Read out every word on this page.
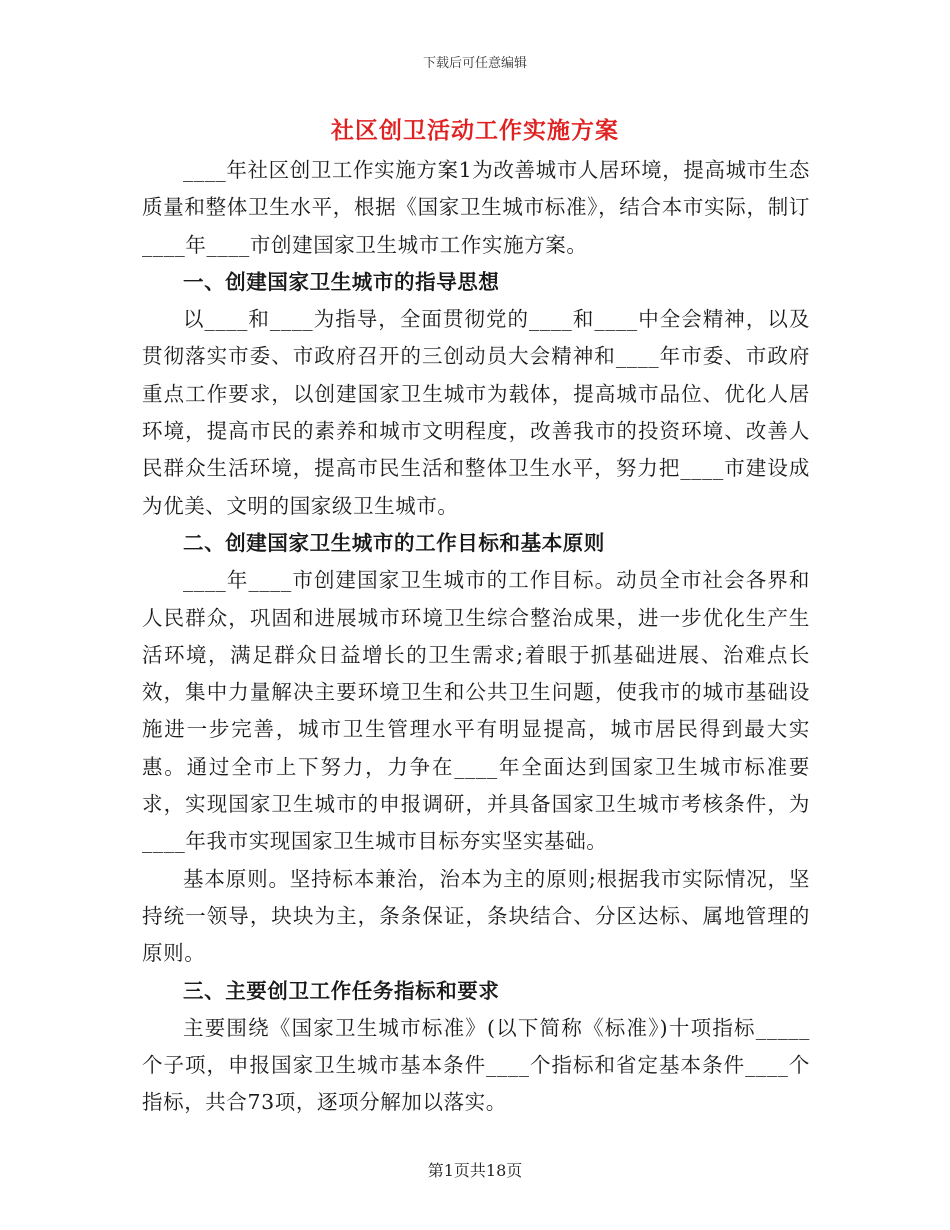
下载后可任意编辑
社区创卫活动工作实施方案

____年社区创卫工作实施方案1为改善城市人居环境，提高城市生态质量和整体卫生水平，根据《国家卫生城市标准》，结合本市实际，制订____年____市创建国家卫生城市工作实施方案。

一、创建国家卫生城市的指导思想

以____和____为指导，全面贯彻党的____和____中全会精神，以及贯彻落实市委、市政府召开的三创动员大会精神和____年市委、市政府重点工作要求，以创建国家卫生城市为载体，提高城市品位、优化人居环境，提高市民的素养和城市文明程度，改善我市的投资环境、改善人民群众生活环境，提高市民生活和整体卫生水平，努力把____市建设成为优美、文明的国家级卫生城市。

二、创建国家卫生城市的工作目标和基本原则

____年____市创建国家卫生城市的工作目标。动员全市社会各界和人民群众，巩固和进展城市环境卫生综合整治成果，进一步优化生产生活环境，满足群众日益增长的卫生需求;着眼于抓基础进展、治难点长效，集中力量解决主要环境卫生和公共卫生问题，使我市的城市基础设施进一步完善，城市卫生管理水平有明显提高，城市居民得到最大实惠。通过全市上下努力，力争在____年全面达到国家卫生城市标准要求，实现国家卫生城市的申报调研，并具备国家卫生城市考核条件，为____年我市实现国家卫生城市目标夯实坚实基础。

基本原则。坚持标本兼治，治本为主的原则;根据我市实际情况，坚持统一领导，块块为主，条条保证，条块结合、分区达标、属地管理的原则。

三、主要创卫工作任务指标和要求

主要围绕《国家卫生城市标准》(以下简称《标准》)十项指标_____个子项，申报国家卫生城市基本条件____个指标和省定基本条件____个指标，共合73项，逐项分解加以落实。

第1页共18页
